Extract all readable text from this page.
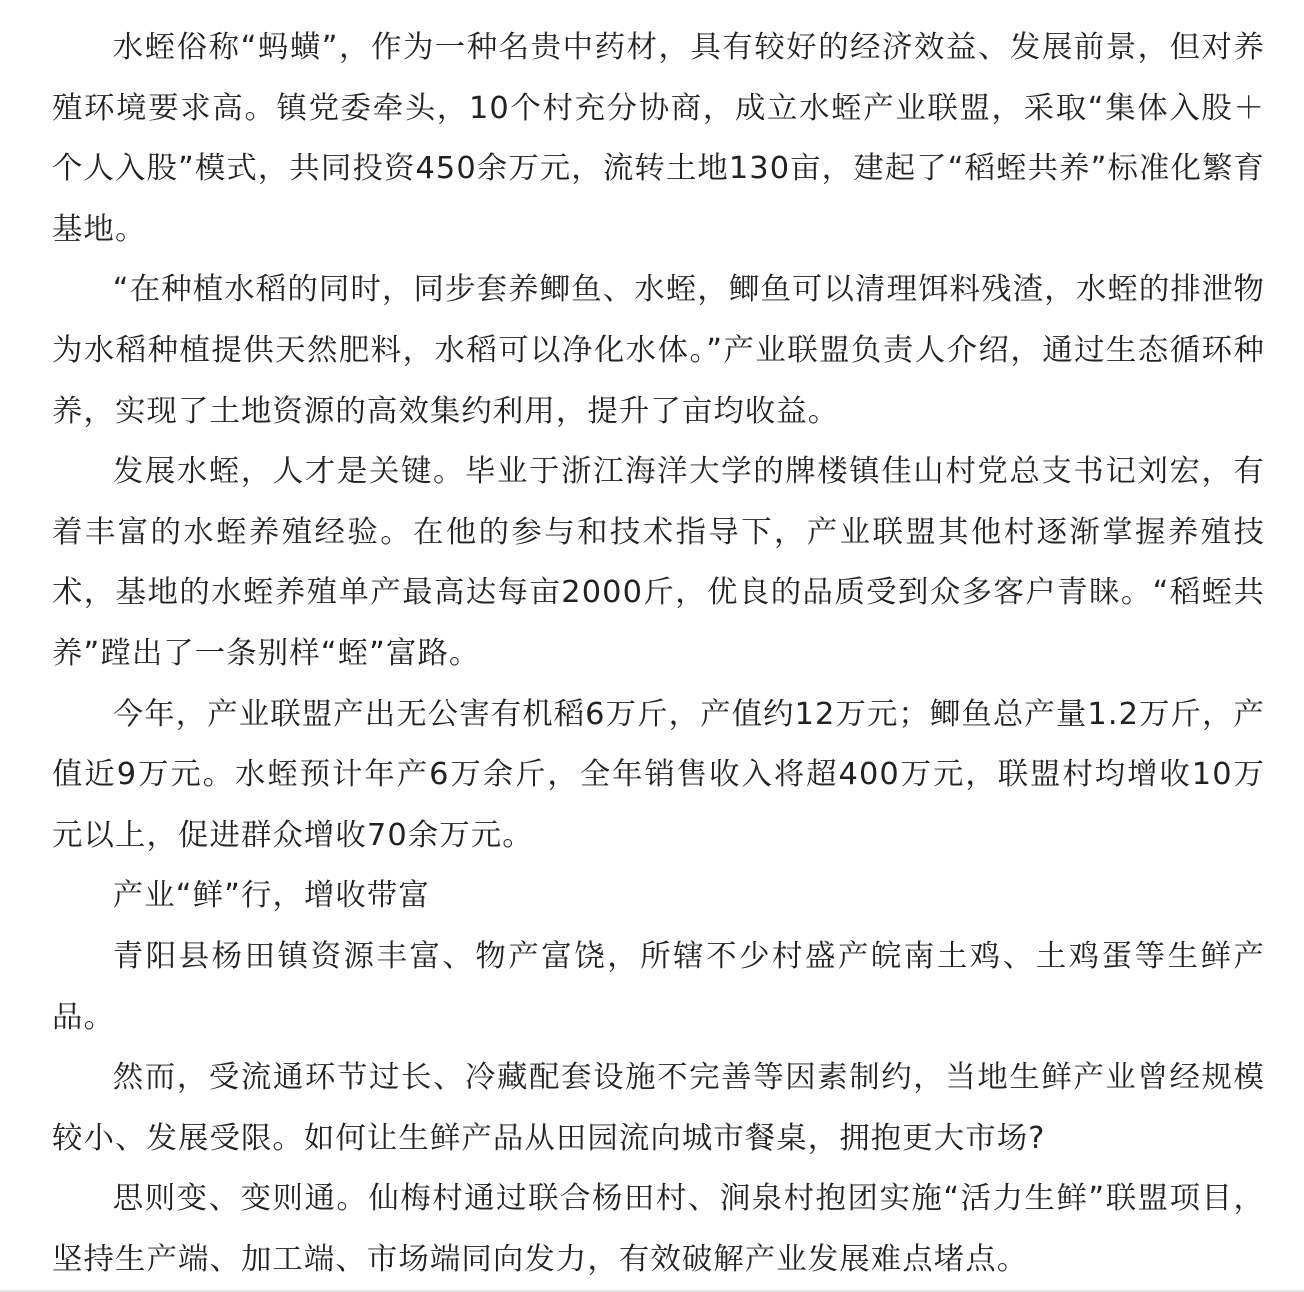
水蛭俗称“蚂蟥”，作为一种名贵中药材，具有较好的经济效益、发展前景，但对养殖环境要求高。镇党委牵头，10个村充分协商，成立水蛭产业联盟，采取“集体入股＋个人入股”模式，共同投资450余万元，流转土地130亩，建起了“稻蛭共养”标准化繁育基地。

“在种植水稻的同时，同步套养鲫鱼、水蛭，鲫鱼可以清理饵料残渣，水蛭的排泄物为水稻种植提供天然肥料，水稻可以净化水体。”产业联盟负责人介绍，通过生态循环种养，实现了土地资源的高效集约利用，提升了亩均收益。

发展水蛭，人才是关键。毕业于浙江海洋大学的牌楼镇佳山村党总支书记刘宏，有着丰富的水蛭养殖经验。在他的参与和技术指导下，产业联盟其他村逐渐掌握养殖技术，基地的水蛭养殖单产最高达每亩2000斤，优良的品质受到众多客户青睐。“稻蛭共养”蹚出了一条别样“蛭”富路。

今年，产业联盟产出无公害有机稻6万斤，产值约12万元；鲫鱼总产量1.2万斤，产值近9万元。水蛭预计年产6万余斤，全年销售收入将超400万元，联盟村均增收10万元以上，促进群众增收70余万元。

产业“鲜”行，增收带富

青阳县杨田镇资源丰富、物产富饶，所辖不少村盛产皖南土鸡、土鸡蛋等生鲜产品。

然而，受流通环节过长、冷藏配套设施不完善等因素制约，当地生鲜产业曾经规模较小、发展受限。如何让生鲜产品从田园流向城市餐桌，拥抱更大市场?

思则变、变则通。仙梅村通过联合杨田村、涧泉村抱团实施“活力生鲜”联盟项目，坚持生产端、加工端、市场端同向发力，有效破解产业发展难点堵点。
